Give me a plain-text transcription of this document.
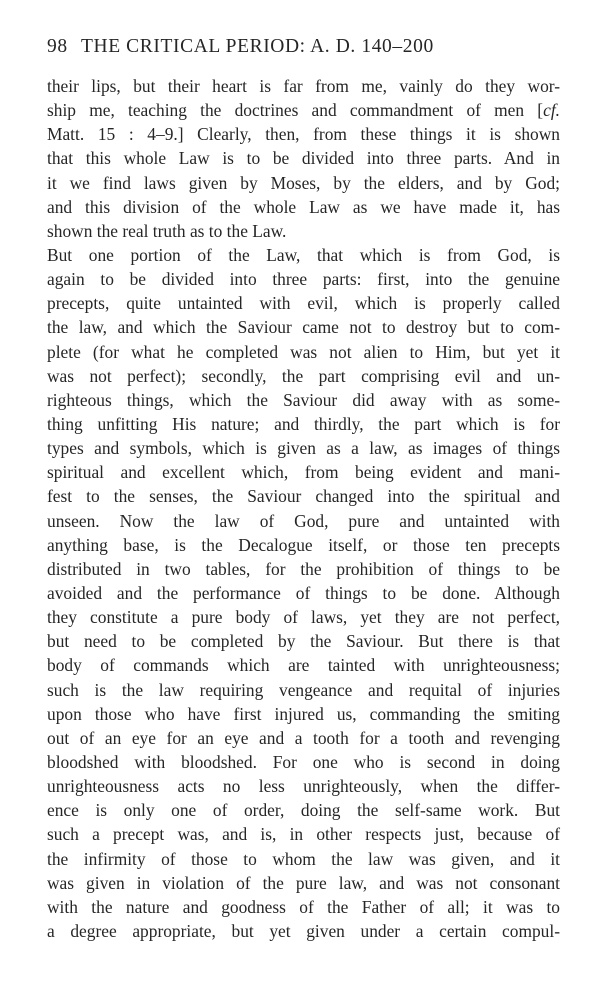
98 THE CRITICAL PERIOD: A. D. 140–200
their lips, but their heart is far from me, vainly do they wor-
ship me, teaching the doctrines and commandment of men [cf.
Matt. 15 : 4–9.] Clearly, then, from these things it is shown
that this whole Law is to be divided into three parts. And in
it we find laws given by Moses, by the elders, and by God;
and this division of the whole Law as we have made it, has
shown the real truth as to the Law.
But one portion of the Law, that which is from God, is
again to be divided into three parts: first, into the genuine
precepts, quite untainted with evil, which is properly called
the law, and which the Saviour came not to destroy but to com-
plete (for what he completed was not alien to Him, but yet it
was not perfect); secondly, the part comprising evil and un-
righteous things, which the Saviour did away with as some-
thing unfitting His nature; and thirdly, the part which is for
types and symbols, which is given as a law, as images of things
spiritual and excellent which, from being evident and mani-
fest to the senses, the Saviour changed into the spiritual and
unseen. Now the law of God, pure and untainted with
anything base, is the Decalogue itself, or those ten precepts
distributed in two tables, for the prohibition of things to be
avoided and the performance of things to be done. Although
they constitute a pure body of laws, yet they are not perfect,
but need to be completed by the Saviour. But there is that
body of commands which are tainted with unrighteousness;
such is the law requiring vengeance and requital of injuries
upon those who have first injured us, commanding the smiting
out of an eye for an eye and a tooth for a tooth and revenging
bloodshed with bloodshed. For one who is second in doing
unrighteousness acts no less unrighteously, when the differ-
ence is only one of order, doing the self-same work. But
such a precept was, and is, in other respects just, because of
the infirmity of those to whom the law was given, and it
was given in violation of the pure law, and was not consonant
with the nature and goodness of the Father of all; it was to
a degree appropriate, but yet given under a certain compul-
